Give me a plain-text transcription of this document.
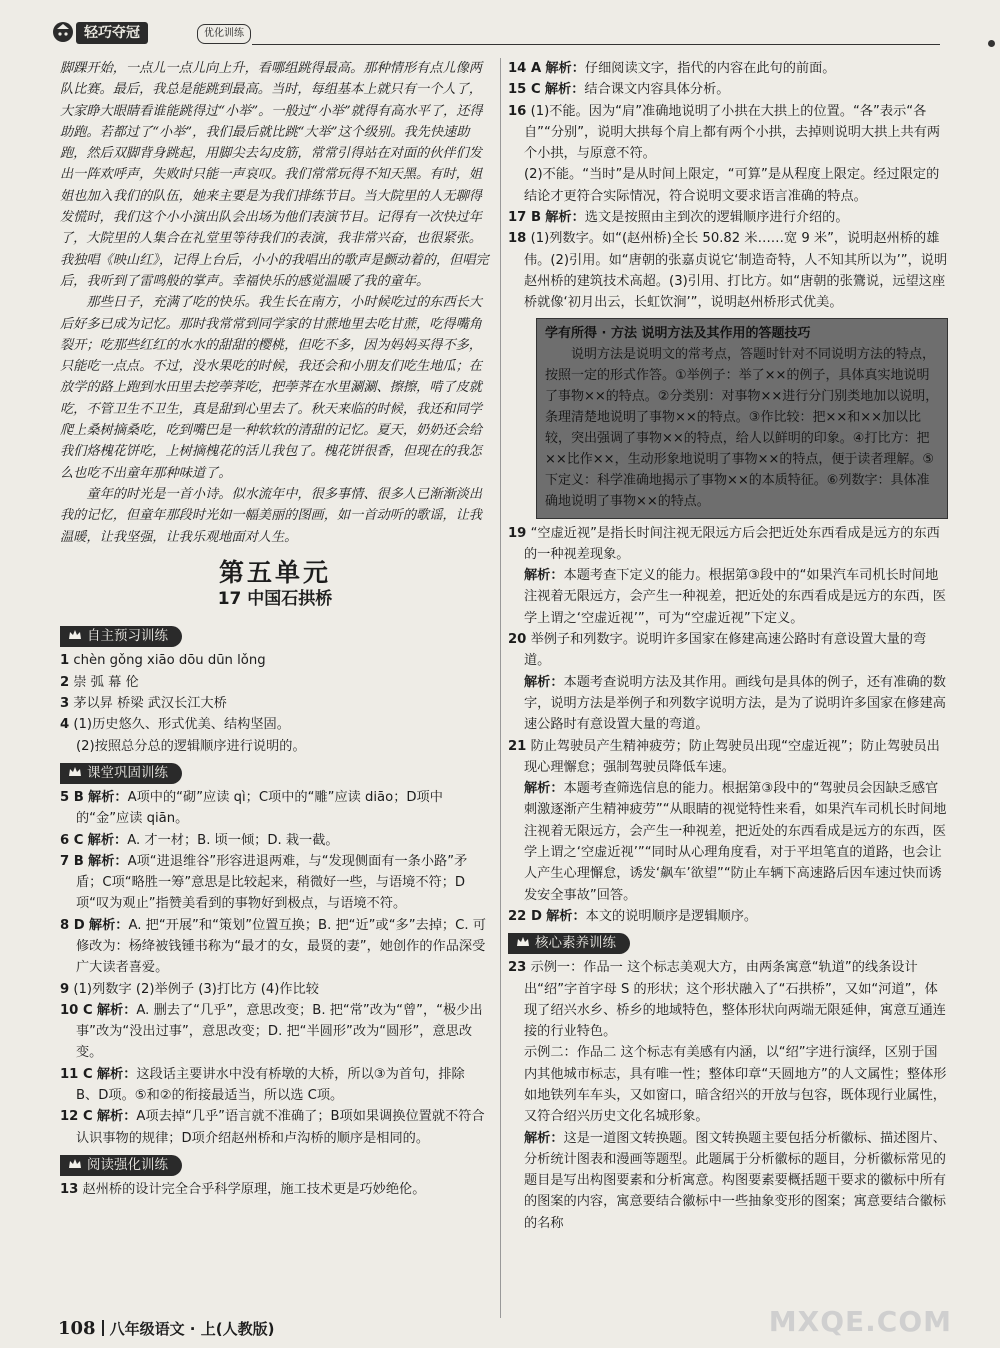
轻巧夺冠	优化训练

脚踝开始，一点儿一点儿向上升，看哪组跳得最高。那种情形有点儿像两队比赛。最后，我总是能跳到最高。当时，每组基本上就只有一个人了，大家睁大眼睛看谁能跳得过“小举”。一般过“小举”就得有高水平了，还得助跑。若都过了“小举”，我们最后就比跳“大举”这个级别。我先快速助跑，然后双脚背身跳起，用脚尖去勾皮筋，常常引得站在对面的伙伴们发出一阵欢呼声，失败时只能一声哀叹。我们常常玩得不知天黑。有时，姐姐也加入我们的队伍，她来主要是为我们排练节目。当大院里的人无聊得发慌时，我们这个小小演出队会出场为他们表演节目。记得有一次快过年了，大院里的人集合在礼堂里等待我们的表演，我非常兴奋，也很紧张。我独唱《映山红》，记得上台后，小小的我唱出的歌声是颤动着的，但唱完后，我听到了雷鸣般的掌声。幸福快乐的感觉温暖了我的童年。

那些日子，充满了吃的快乐。我生长在南方，小时候吃过的东西长大后好多已成为记忆。那时我常常到同学家的甘蔗地里去吃甘蔗，吃得嘴角裂开；吃那些红红的水水的甜甜的樱桃，但吃不多，因为妈妈买得不多，只能吃一点点。不过，没水果吃的时候，我还会和小朋友们吃生地瓜；在放学的路上跑到水田里去挖荸荠吃，把荸荠在水里涮涮、擦擦，啃了皮就吃，不管卫生不卫生，真是甜到心里去了。秋天来临的时候，我还和同学爬上桑树摘桑吃，吃到嘴巴是一种软软的清甜的记忆。夏天，奶奶还会给我们烙槐花饼吃，上树摘槐花的活儿我包了。槐花饼很香，但现在的我怎么也吃不出童年那种味道了。

童年的时光是一首小诗。似水流年中，很多事情、很多人已渐渐淡出我的记忆，但童年那段时光如一幅美丽的图画，如一首动听的歌谣，让我温暖，让我坚强，让我乐观地面对人生。

第五单元
17 中国石拱桥
自主预习训练

1 chèn gǒng xiāo dōu dūn lǒng

2 崇 弧 幕 伦

3 茅以昇 桥梁 武汉长江大桥

4 (1)历史悠久、形式优美、结构坚固。

(2)按照总分总的逻辑顺序进行说明的。

课堂巩固训练

5 B 解析：A项中的“砌”应读 qì；C项中的“雕”应读 diāo；D项中的“金”应读 qiān。

6 C 解析：A. 才一材；B. 顷一倾；D. 栽一截。

7 B 解析：A项“进退维谷”形容进退两难，与“发现侧面有一条小路”矛盾；C项“略胜一筹”意思是比较起来，稍微好一些，与语境不符；D项“叹为观止”指赞美看到的事物好到极点，与语境不符。

8 D 解析：A. 把“开展”和“策划”位置互换；B. 把“近”或“多”去掉；C. 可修改为：杨绛被钱锺书称为“最才的女，最贤的妻”，她创作的作品深受广大读者喜爱。

9 (1)列数字 (2)举例子 (3)打比方 (4)作比较

10 C 解析：A. 删去了“几乎”，意思改变；B. 把“常”改为“曾”，“极少出事”改为“没出过事”，意思改变；D. 把“半圆形”改为“圆形”，意思改变。

11 C 解析：这段话主要讲水中没有桥墩的大桥，所以③为首句，排除 B、D项。⑤和②的衔接最适当，所以选 C项。

12 C 解析：A项去掉“几乎”语言就不准确了；B项如果调换位置就不符合认识事物的规律；D项介绍赵州桥和卢沟桥的顺序是相同的。

阅读强化训练

13 赵州桥的设计完全合乎科学原理，施工技术更是巧妙绝伦。

14 A 解析：仔细阅读文字，指代的内容在此句的前面。

15 C 解析：结合课文内容具体分析。

16 (1)不能。因为“肩”准确地说明了小拱在大拱上的位置。“各”表示“各自”“分别”，说明大拱每个肩上都有两个小拱，去掉则说明大拱上共有两个小拱，与原意不符。

(2)不能。“当时”是从时间上限定，“可算”是从程度上限定。经过限定的结论才更符合实际情况，符合说明文要求语言准确的特点。

17 B 解析：选文是按照由主到次的逻辑顺序进行介绍的。

18 (1)列数字。如“(赵州桥)全长 50.82 米……宽 9 米”，说明赵州桥的雄伟。(2)引用。如“唐朝的张嘉贞说它‘制造奇特，人不知其所以为’”，说明赵州桥的建筑技术高超。(3)引用、打比方。如“唐朝的张鷟说，远望这座桥就像‘初月出云，长虹饮涧’”，说明赵州桥形式优美。

学有所得 · 方法 说明方法及其作用的答题技巧
说明方法是说明文的常考点，答题时针对不同说明方法的特点，按照一定的形式作答。①举例子：举了××的例子，具体真实地说明了事物××的特点。②分类别：对事物××进行分门别类地加以说明，条理清楚地说明了事物××的特点。③作比较：把××和××加以比较，突出强调了事物××的特点，给人以鲜明的印象。④打比方：把××比作××，生动形象地说明了事物××的特点，便于读者理解。⑤下定义：科学准确地揭示了事物××的本质特征。⑥列数字：具体准确地说明了事物××的特点。

19 “空虚近视”是指长时间注视无限远方后会把近处东西看成是远方的东西的一种视差现象。

解析：本题考查下定义的能力。根据第③段中的“如果汽车司机长时间地注视着无限远方，会产生一种视差，把近处的东西看成是远方的东西，医学上谓之‘空虚近视’”，可为“空虚近视”下定义。

20 举例子和列数字。说明许多国家在修建高速公路时有意设置大量的弯道。

解析：本题考查说明方法及其作用。画线句是具体的例子，还有准确的数字，说明方法是举例子和列数字说明方法，是为了说明许多国家在修建高速公路时有意设置大量的弯道。

21 防止驾驶员产生精神疲劳；防止驾驶员出现“空虚近视”；防止驾驶员出现心理懈怠；强制驾驶员降低车速。

解析：本题考查筛选信息的能力。根据第③段中的“驾驶员会因缺乏感官刺激逐渐产生精神疲劳”“从眼睛的视觉特性来看，如果汽车司机长时间地注视着无限远方，会产生一种视差，把近处的东西看成是远方的东西，医学上谓之‘空虚近视’”“同时从心理角度看，对于平坦笔直的道路，也会让人产生心理懈怠，诱发‘飙车’欲望”“防止车辆下高速路后因车速过快而诱发安全事故”回答。

22 D 解析：本文的说明顺序是逻辑顺序。

核心素养训练

23 示例一：作品一 这个标志美观大方，由两条寓意“轨道”的线条设计出“绍”字首字母 S 的形状；这个形状融入了“石拱桥”，又如“河道”，体现了绍兴水乡、桥乡的地域特色，整体形状向两端无限延伸，寓意互通连接的行业特色。

示例二：作品二 这个标志有美感有内涵，以“绍”字进行演绎，区别于国内其他城市标志，具有唯一性；整体印章“天圆地方”的人文属性；整体形如地铁列车车头，又如窗口，暗含绍兴的开放与包容，既体现行业属性，又符合绍兴历史文化名城形象。

解析：这是一道图文转换题。图文转换题主要包括分析徽标、描述图片、分析统计图表和漫画等题型。此题属于分析徽标的题目，分析徽标常见的题目是写出构图要素和分析寓意。构图要素要概括题干要求的徽标中所有的图案的内容，寓意要结合徽标中一些抽象变形的图案；寓意要结合徽标的名称

108 八年级语文 · 上(人教版)	MXQE.COM
